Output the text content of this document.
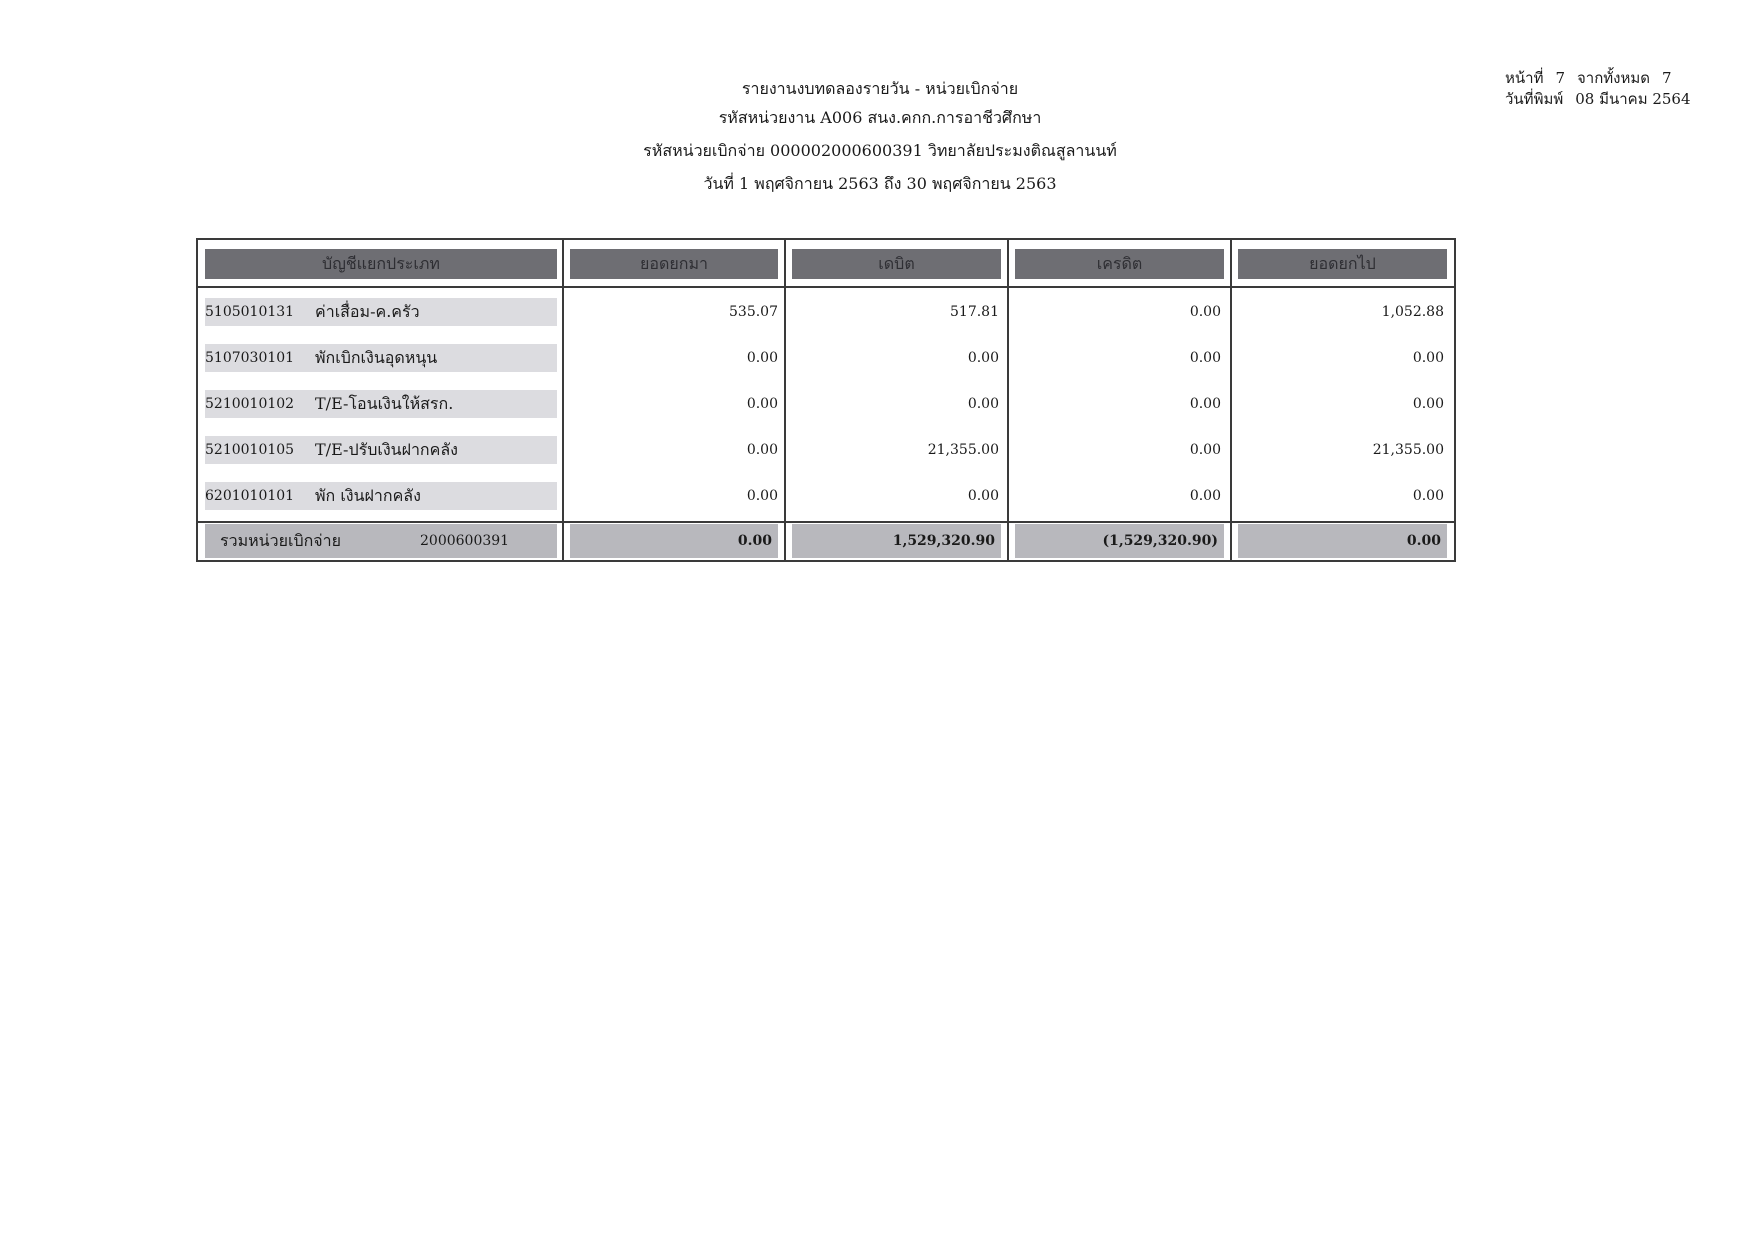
หน้าที่ 7 จากทั้งหมด 7
วันที่พิมพ์ 08 มีนาคม 2564
รายงานงบทดลองรายวัน - หน่วยเบิกจ่าย
รหัสหน่วยงาน A006 สนง.คกก.การอาชีวศึกษา
รหัสหน่วยเบิกจ่าย 000002000600391 วิทยาลัยประมงติณสูลานนท์
วันที่ 1 พฤศจิกายน 2563 ถึง 30 พฤศจิกายน 2563
บัญชีแยกประเภท	ยอดยกมา	เดบิต	เครดิต	ยอดยกไป
5105010131	ค่าเสื่อม-ค.ครัว	535.07	517.81	0.00	1,052.88
5107030101	พักเบิกเงินอุดหนุน	0.00	0.00	0.00	0.00
5210010102	T/E-โอนเงินให้สรก.	0.00	0.00	0.00	0.00
5210010105	T/E-ปรับเงินฝากคลัง	0.00	21,355.00	0.00	21,355.00
6201010101	พัก เงินฝากคลัง	0.00	0.00	0.00	0.00
รวมหน่วยเบิกจ่าย	2000600391	0.00	1,529,320.90	(1,529,320.90)	0.00
